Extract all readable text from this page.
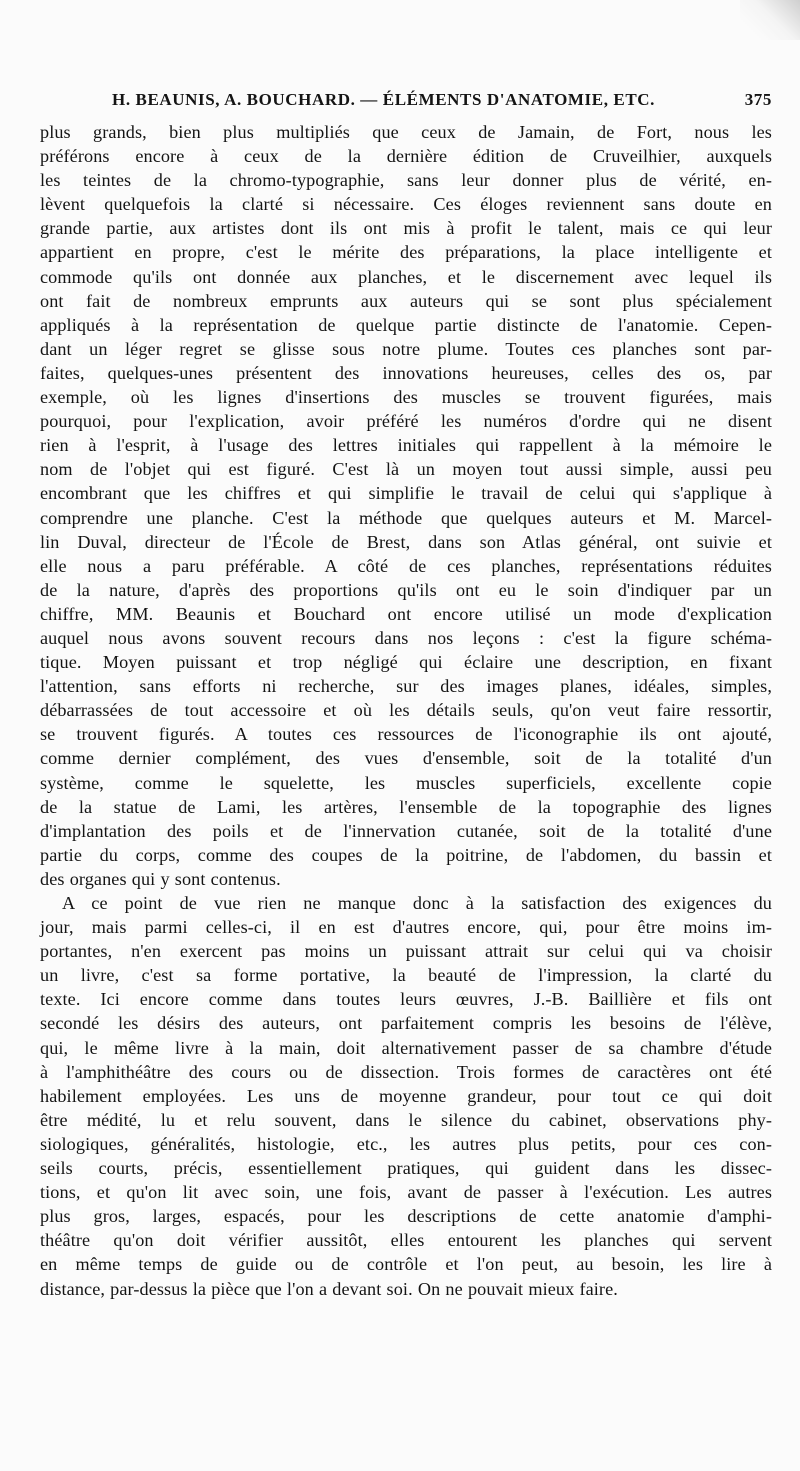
H. BEAUNIS, A. BOUCHARD. — ÉLÉMENTS D'ANATOMIE, ETC.	375
plus grands, bien plus multipliés que ceux de Jamain, de Fort, nous les
préférons encore à ceux de la dernière édition de Cruveilhier, auxquels
les teintes de la chromo-typographie, sans leur donner plus de vérité, en-
lèvent quelquefois la clarté si nécessaire. Ces éloges reviennent sans doute en
grande partie, aux artistes dont ils ont mis à profit le talent, mais ce qui leur
appartient en propre, c'est le mérite des préparations, la place intelligente et
commode qu'ils ont donnée aux planches, et le discernement avec lequel ils
ont fait de nombreux emprunts aux auteurs qui se sont plus spécialement
appliqués à la représentation de quelque partie distincte de l'anatomie. Cepen-
dant un léger regret se glisse sous notre plume. Toutes ces planches sont par-
faites, quelques-unes présentent des innovations heureuses, celles des os, par
exemple, où les lignes d'insertions des muscles se trouvent figurées, mais
pourquoi, pour l'explication, avoir préféré les numéros d'ordre qui ne disent
rien à l'esprit, à l'usage des lettres initiales qui rappellent à la mémoire le
nom de l'objet qui est figuré. C'est là un moyen tout aussi simple, aussi peu
encombrant que les chiffres et qui simplifie le travail de celui qui s'applique à
comprendre une planche. C'est la méthode que quelques auteurs et M. Marcel-
lin Duval, directeur de l'École de Brest, dans son Atlas général, ont suivie et
elle nous a paru préférable. A côté de ces planches, représentations réduites
de la nature, d'après des proportions qu'ils ont eu le soin d'indiquer par un
chiffre, MM. Beaunis et Bouchard ont encore utilisé un mode d'explication
auquel nous avons souvent recours dans nos leçons : c'est la figure schéma-
tique. Moyen puissant et trop négligé qui éclaire une description, en fixant
l'attention, sans efforts ni recherche, sur des images planes, idéales, simples,
débarrassées de tout accessoire et où les détails seuls, qu'on veut faire ressortir,
se trouvent figurés. A toutes ces ressources de l'iconographie ils ont ajouté,
comme dernier complément, des vues d'ensemble, soit de la totalité d'un
système, comme le squelette, les muscles superficiels, excellente copie
de la statue de Lami, les artères, l'ensemble de la topographie des lignes
d'implantation des poils et de l'innervation cutanée, soit de la totalité d'une
partie du corps, comme des coupes de la poitrine, de l'abdomen, du bassin et
des organes qui y sont contenus.
A ce point de vue rien ne manque donc à la satisfaction des exigences du
jour, mais parmi celles-ci, il en est d'autres encore, qui, pour être moins im-
portantes, n'en exercent pas moins un puissant attrait sur celui qui va choisir
un livre, c'est sa forme portative, la beauté de l'impression, la clarté du
texte. Ici encore comme dans toutes leurs œuvres, J.-B. Baillière et fils ont
secondé les désirs des auteurs, ont parfaitement compris les besoins de l'élève,
qui, le même livre à la main, doit alternativement passer de sa chambre d'étude
à l'amphithéâtre des cours ou de dissection. Trois formes de caractères ont été
habilement employées. Les uns de moyenne grandeur, pour tout ce qui doit
être médité, lu et relu souvent, dans le silence du cabinet, observations phy-
siologiques, généralités, histologie, etc., les autres plus petits, pour ces con-
seils courts, précis, essentiellement pratiques, qui guident dans les dissec-
tions, et qu'on lit avec soin, une fois, avant de passer à l'exécution. Les autres
plus gros, larges, espacés, pour les descriptions de cette anatomie d'amphi-
théâtre qu'on doit vérifier aussitôt, elles entourent les planches qui servent
en même temps de guide ou de contrôle et l'on peut, au besoin, les lire à
distance, par-dessus la pièce que l'on a devant soi. On ne pouvait mieux faire.
